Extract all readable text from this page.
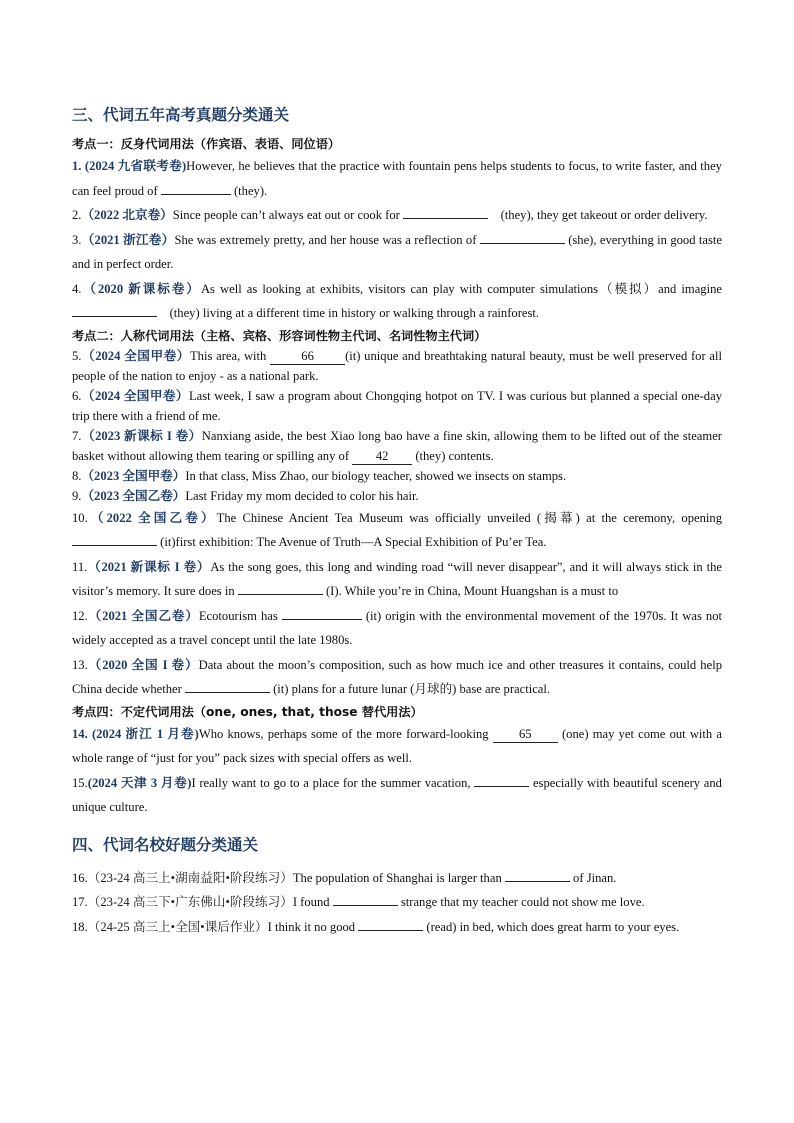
三、代词五年高考真题分类通关

考点一：反身代词用法（作宾语、表语、同位语）

1. (2024 九省联考卷)However, he believes that the practice with fountain pens helps students to focus, to write faster, and they can feel proud of	(they).

2.（2022 北京卷）Since people can’t always eat out or cook for	(they), they get takeout or order delivery.

3.（2021 浙江卷）She was extremely pretty, and her house was a reflection of	(she), everything in good taste and in perfect order.

4.（2020 新课标卷）As well as looking at exhibits, visitors can play with computer simulations（模拟）and imagine     (they) living at a different time in history or walking through a rainforest.

考点二：人称代词用法（主格、宾格、形容词性物主代词、名词性物主代词）

5.（2024 全国甲卷）This area, with 66 (it) unique and breathtaking natural beauty, must be well preserved for all people of the nation to enjoy - as a national park.

6.（2024 全国甲卷）Last week, I saw a program about Chongqing hotpot on TV. I was curious but planned a special one-day trip there with a friend of me.

7.（2023 新课标 I 卷）Nanxiang aside, the best Xiao long bao have a fine skin, allowing them to be lifted out of the steamer basket without allowing them tearing or spilling any of 42 (they) contents.

8.（2023 全国甲卷）In that class, Miss Zhao, our biology teacher, showed we insects on stamps.

9.（2023 全国乙卷）Last Friday my mom decided to color his hair.

10.（2022 全国乙卷）The Chinese Ancient Tea Museum was officially unveiled (揭幕) at the ceremony, opening  (it)first exhibition: The Avenue of Truth—A Special Exhibition of Pu’er Tea.

11.（2021 新课标 I 卷）As the song goes, this long and winding road “will never disappear”, and it will always stick in the visitor’s memory. It sure does in	(I). While you’re in China, Mount Huangshan is a must to

12.（2021 全国乙卷）Ecotourism has	(it) origin with the environmental movement of the 1970s. It was not widely accepted as a travel concept until the late 1980s.

13.（2020 全国 I 卷）Data about the moon’s composition, such as how much ice and other treasures it contains, could help China decide whether	(it) plans for a future lunar (月球的) base are practical.

考点四：不定代词用法（one, ones, that, those 替代用法）

14. (2024 浙江 1 月卷)Who knows, perhaps some of the more forward-looking 65 (one) may yet come out with a whole range of “just for you” pack sizes with special offers as well.

15.(2024 天津 3 月卷)I really want to go to a place for the summer vacation,	especially with beautiful scenery and unique culture.

四、代词名校好题分类通关

16.（23-24 高三上•湖南益阳•阶段练习）The population of Shanghai is larger than	of Jinan.

17.（23-24 高三下•广东佛山•阶段练习）I found	strange that my teacher could not show me love.

18.（24-25 高三上•全国•课后作业）I think it no good	(read) in bed, which does great harm to your eyes.
